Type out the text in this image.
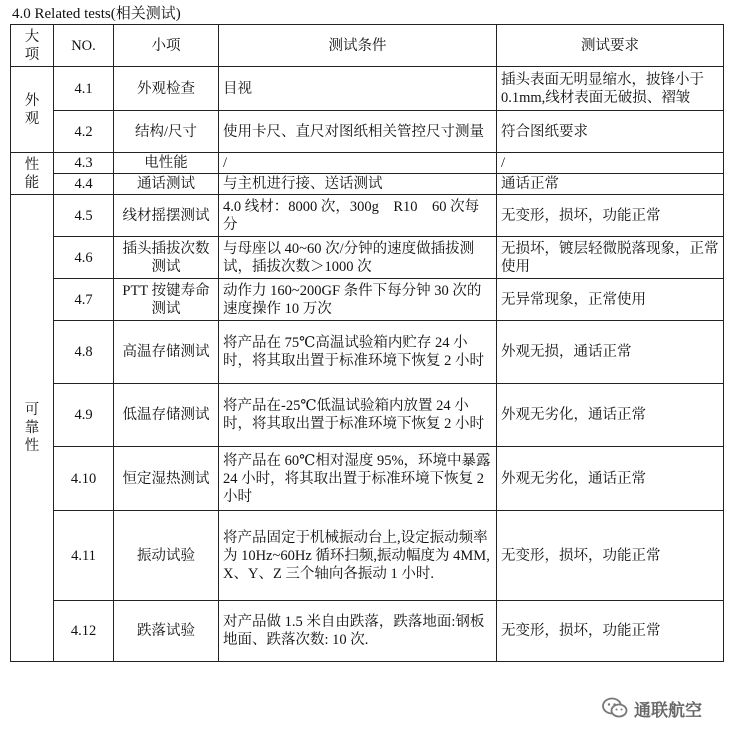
4.0 Related tests(相关测试)
大
项	NO.	小项	测试条件	测试要求

外
观	4.1	外观检查	目视	插头表面无明显缩水，披锋小于0.1mm,线材表面无破损、褶皱
	4.2	结构/尺寸	使用卡尺、直尺对图纸相关管控尺寸测量	符合图纸要求

性
能	4.3	电性能	/	/
	4.4	通话测试	与主机进行接、送话测试	通话正常

可
靠
性	4.5	线材摇摆测试	4.0 线材：8000 次，300g　R10　60 次每分	无变形，损坏，功能正常
	4.6	插头插拔次数测试	与母座以 40~60 次/分钟的速度做插拔测试，插拔次数＞1000 次	无损坏，镀层轻微脱落现象，正常使用
	4.7	PTT 按键寿命测试	动作力 160~200GF 条件下每分钟 30 次的速度操作 10 万次	无异常现象，正常使用
	4.8	高温存储测试	将产品在 75℃高温试验箱内贮存 24 小时，将其取出置于标准环境下恢复 2 小时	外观无损，通话正常
	4.9	低温存储测试	将产品在-25℃低温试验箱内放置 24 小时，将其取出置于标准环境下恢复 2 小时	外观无劣化，通话正常
	4.10	恒定湿热测试	将产品在 60℃相对湿度 95%，环境中暴露 24 小时，将其取出置于标准环境下恢复 2 小时	外观无劣化，通话正常
	4.11	振动试验	将产品固定于机械振动台上,设定振动频率为 10Hz~60Hz 循环扫频,振动幅度为 4MM, X、Y、Z 三个轴向各振动 1 小时.	无变形，损坏，功能正常
	4.12	跌落试验	对产品做 1.5 米自由跌落，跌落地面:钢板地面、跌落次数: 10 次.	无变形，损坏，功能正常
通联航空
